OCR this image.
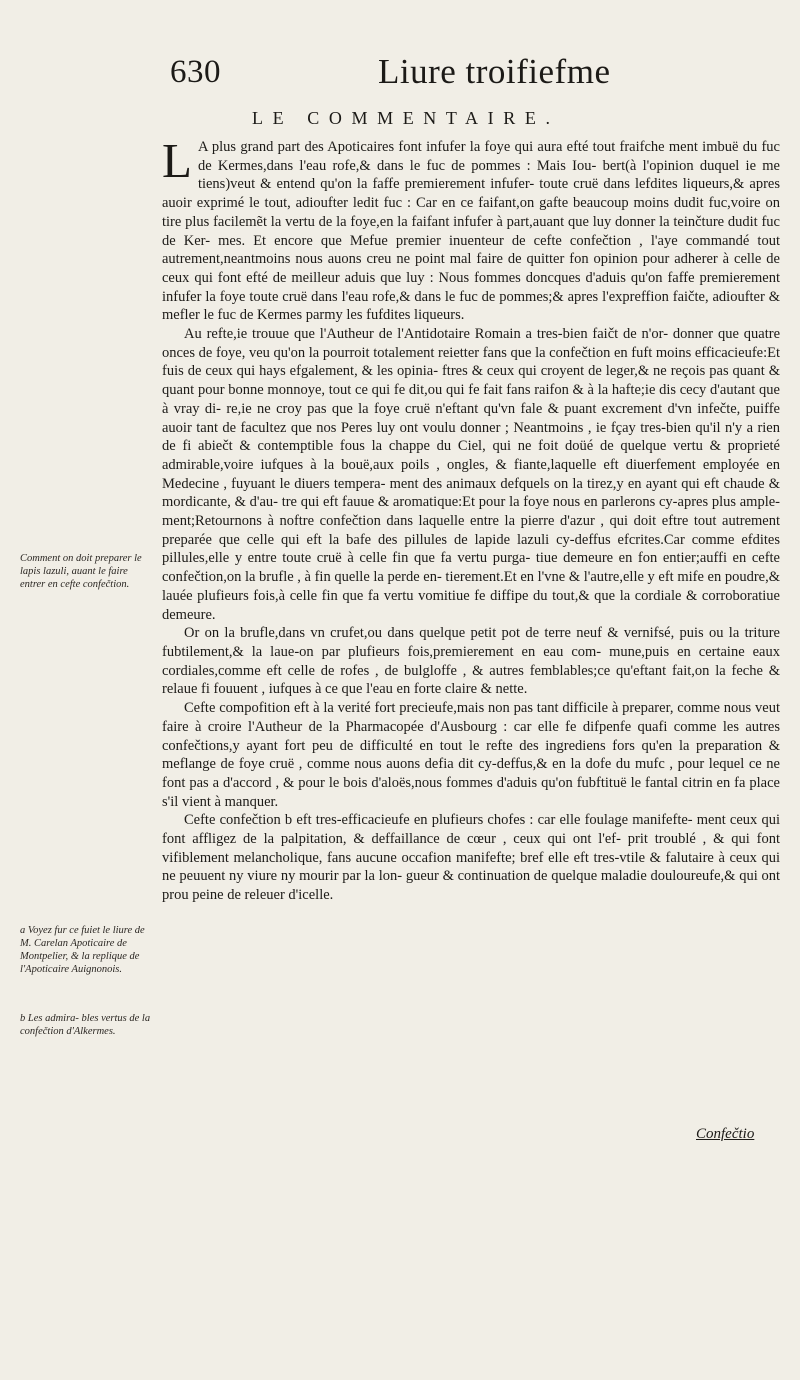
630	Liure troifiefme
LE COMMENTAIRE.

L A plus grand part des Apoticaires font infufer la foye qui aura efté tout fraifche ment imbuë du fuc de Kermes,dans l'eau rofe,& dans le fuc de pommes : Mais Iou- bert(à l'opinion duquel ie me tiens)veut & entend qu'on la faffe premierement infufer- toute cruë dans lefdites liqueurs,& apres auoir exprimé le tout, adioufter ledit fuc : Car en ce faifant,on gafte beaucoup moins dudit fuc,voire on tire plus facilemẽt la vertu de la foye,en la faifant infufer à part,auant que luy donner la teinčture dudit fuc de Ker- mes. Et encore que Mefue premier inuenteur de cefte confečtion , l'aye commandé tout autrement,neantmoins nous auons creu ne point mal faire de quitter fon opinion pour adherer à celle de ceux qui font efté de meilleur aduis que luy : Nous fommes doncques d'aduis qu'on faffe premierement infufer la foye toute cruë dans l'eau rofe,& dans le fuc de pommes;& apres l'expreffion faičte, adioufter & mefler le fuc de Kermes parmy les fufdites liqueurs.

Au refte,ie trouue que l'Autheur de l'Antidotaire Romain a tres-bien faičt de n'or- donner que quatre onces de foye, veu qu'on la pourroit totalement reietter fans que la confečtion en fuft moins efficacieufe:Et fuis de ceux qui hays efgalement, & les opinia- ftres & ceux qui croyent de leger,& ne reçois pas quant & quant pour bonne monnoye, tout ce qui fe dit,ou qui fe fait fans raifon & à la hafte;ie dis cecy d'autant que à vray di- re,ie ne croy pas que la foye cruë n'eftant qu'vn fale & puant excrement d'vn infečte, puiffe auoir tant de facultez que nos Peres luy ont voulu donner ; Neantmoins , ie fçay tres-bien qu'il n'y a rien de fi abiečt & contemptible fous la chappe du Ciel, qui ne foit doüé de quelque vertu & proprieté admirable,voire iufques à la bouë,aux poils , ongles, & fiante,laquelle eft diuerfement employée en Medecine , fuyuant le diuers tempera- ment des animaux defquels on la tirez,y en ayant qui eft chaude & mordicante, & d'au- tre qui eft fauue & aromatique:Et pour la foye nous en parlerons cy-apres plus ample- ment;Retournons à noftre confečtion dans laquelle entre la pierre d'azur , qui doit eftre tout autrement preparée que celle qui eft la bafe des pillules de lapide lazuli cy-deffus efcrites.Car comme efdites pillules,elle y entre toute cruë à celle fin que fa vertu purga- tiue demeure en fon entier;auffi en cefte confečtion,on la brufle , à fin quelle la perde en- tierement.Et en l'vne & l'autre,elle y eft mife en poudre,& lauée plufieurs fois,à celle fin que fa vertu vomitiue fe diffipe du tout,& que la cordiale & corroboratiue demeure.

Or on la brufle,dans vn crufet,ou dans quelque petit pot de terre neuf & vernifsé, puis ou la triture fubtilement,& la laue-on par plufieurs fois,premierement en eau com- mune,puis en certaine eaux cordiales,comme eft celle de rofes , de bulgloffe , & autres femblables;ce qu'eftant fait,on la feche & relaue fi fouuent , iufques à ce que l'eau en forte claire & nette.

Cefte compofition eft à la verité fort precieufe,mais non pas tant difficile à preparer, comme nous veut faire à croire l'Autheur de la Pharmacopée d'Ausbourg : car elle fe difpenfe quafi comme les autres confečtions,y ayant fort peu de difficulté en tout le refte des ingrediens fors qu'en la preparation & meflange de foye cruë , comme nous auons defia dit cy-deffus,& en la dofe du mufc , pour lequel ce ne font pas a d'accord , & pour le bois d'aloës,nous fommes d'aduis qu'on fubftituë le fantal citrin en fa place s'il vient à manquer.

Cefte confečtion b eft tres-efficacieufe en plufieurs chofes : car elle foulage manifefte- ment ceux qui font affligez de la palpitation, & deffaillance de cœur , ceux qui ont l'ef- prit troublé , & qui font vifiblement melancholique, fans aucune occafion manifefte; bref elle eft tres-vtile & falutaire à ceux qui ne peuuent ny viure ny mourir par la lon- gueur & continuation de quelque maladie douloureufe,& qui ont prou peine de releuer d'icelle.

Comment on doit preparer le lapis lazuli, auant le faire entrer en cefte confečtion.
a Voyez fur ce fuiet le liure de M. Carelan Apoticaire de Montpelier, & la replique de l'Apoticaire Auignonois.
b Les admira- bles vertus de la confečtion d'Alkermes.
Confečtio
